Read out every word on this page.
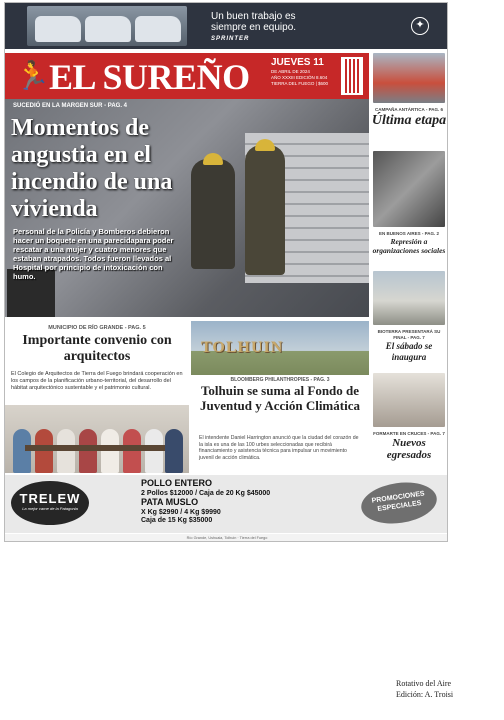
Un buen trabajo es
siempre en equipo.
SPRINTER
✦
🏃 EL SUREÑO JUEVES 11
DE ABRIL DE 2024
AÑO XXXIII EDICIÓN 8.604
TIERRA DEL FUEGO | $600
SUCEDIÓ EN LA MARGEN SUR - PAG. 4
Momentos de angustia en el incendio de una vivienda
Personal de la Policía y Bomberos debieron hacer un boquete en una parecidapara poder rescatar a una mujer y cuatro menores que estaban atrapados. Todos fueron llevados al Hospital por principio de intoxicación con humo.
CAMPAÑA ANTÁRTICA - PAG. 6
Última etapa
EN BUENOS AIRES - PAG. 2
Represión a organizaciones sociales
BIOTERRA PRESENTARÁ SU FINAL - PAG. 7
El sábado se inaugura
FORMARTE EN CRUCES - PAG. 7
Nuevos egresados
MUNICIPIO DE RÍO GRANDE - PAG. 5
Importante convenio con arquitectos
El Colegio de Arquitectos de Tierra del Fuego brindará cooperación en los campos de la planificación urbano-territorial, del desarrollo del hábitat arquitectónico sustentable y el patrimonio cultural.
TOLHUIN
BLOOMBERG PHILANTHROPIES - PAG. 3
Tolhuin se suma al Fondo de Juventud y Acción Climática
El intendente Daniel Harrington anunció que la ciudad del corazón de la isla es una de las 100 urbes seleccionadas que recibirá financiamiento y asistencia técnica para impulsar un movimiento juvenil de acción climática.
TRELEW
La mejor carne de la Patagonia
POLLO ENTERO
2 Pollos $12000 / Caja de 20 Kg $45000
PATA MUSLO
X Kg $2990 / 4 Kg $9990
Caja de 15 Kg $35000
PROMOCIONES ESPECIALES
Río Grande, Ushuaia, Tolhuin · Tierra del Fuego
Rotativo del Aire
Edición: A. Troisi
